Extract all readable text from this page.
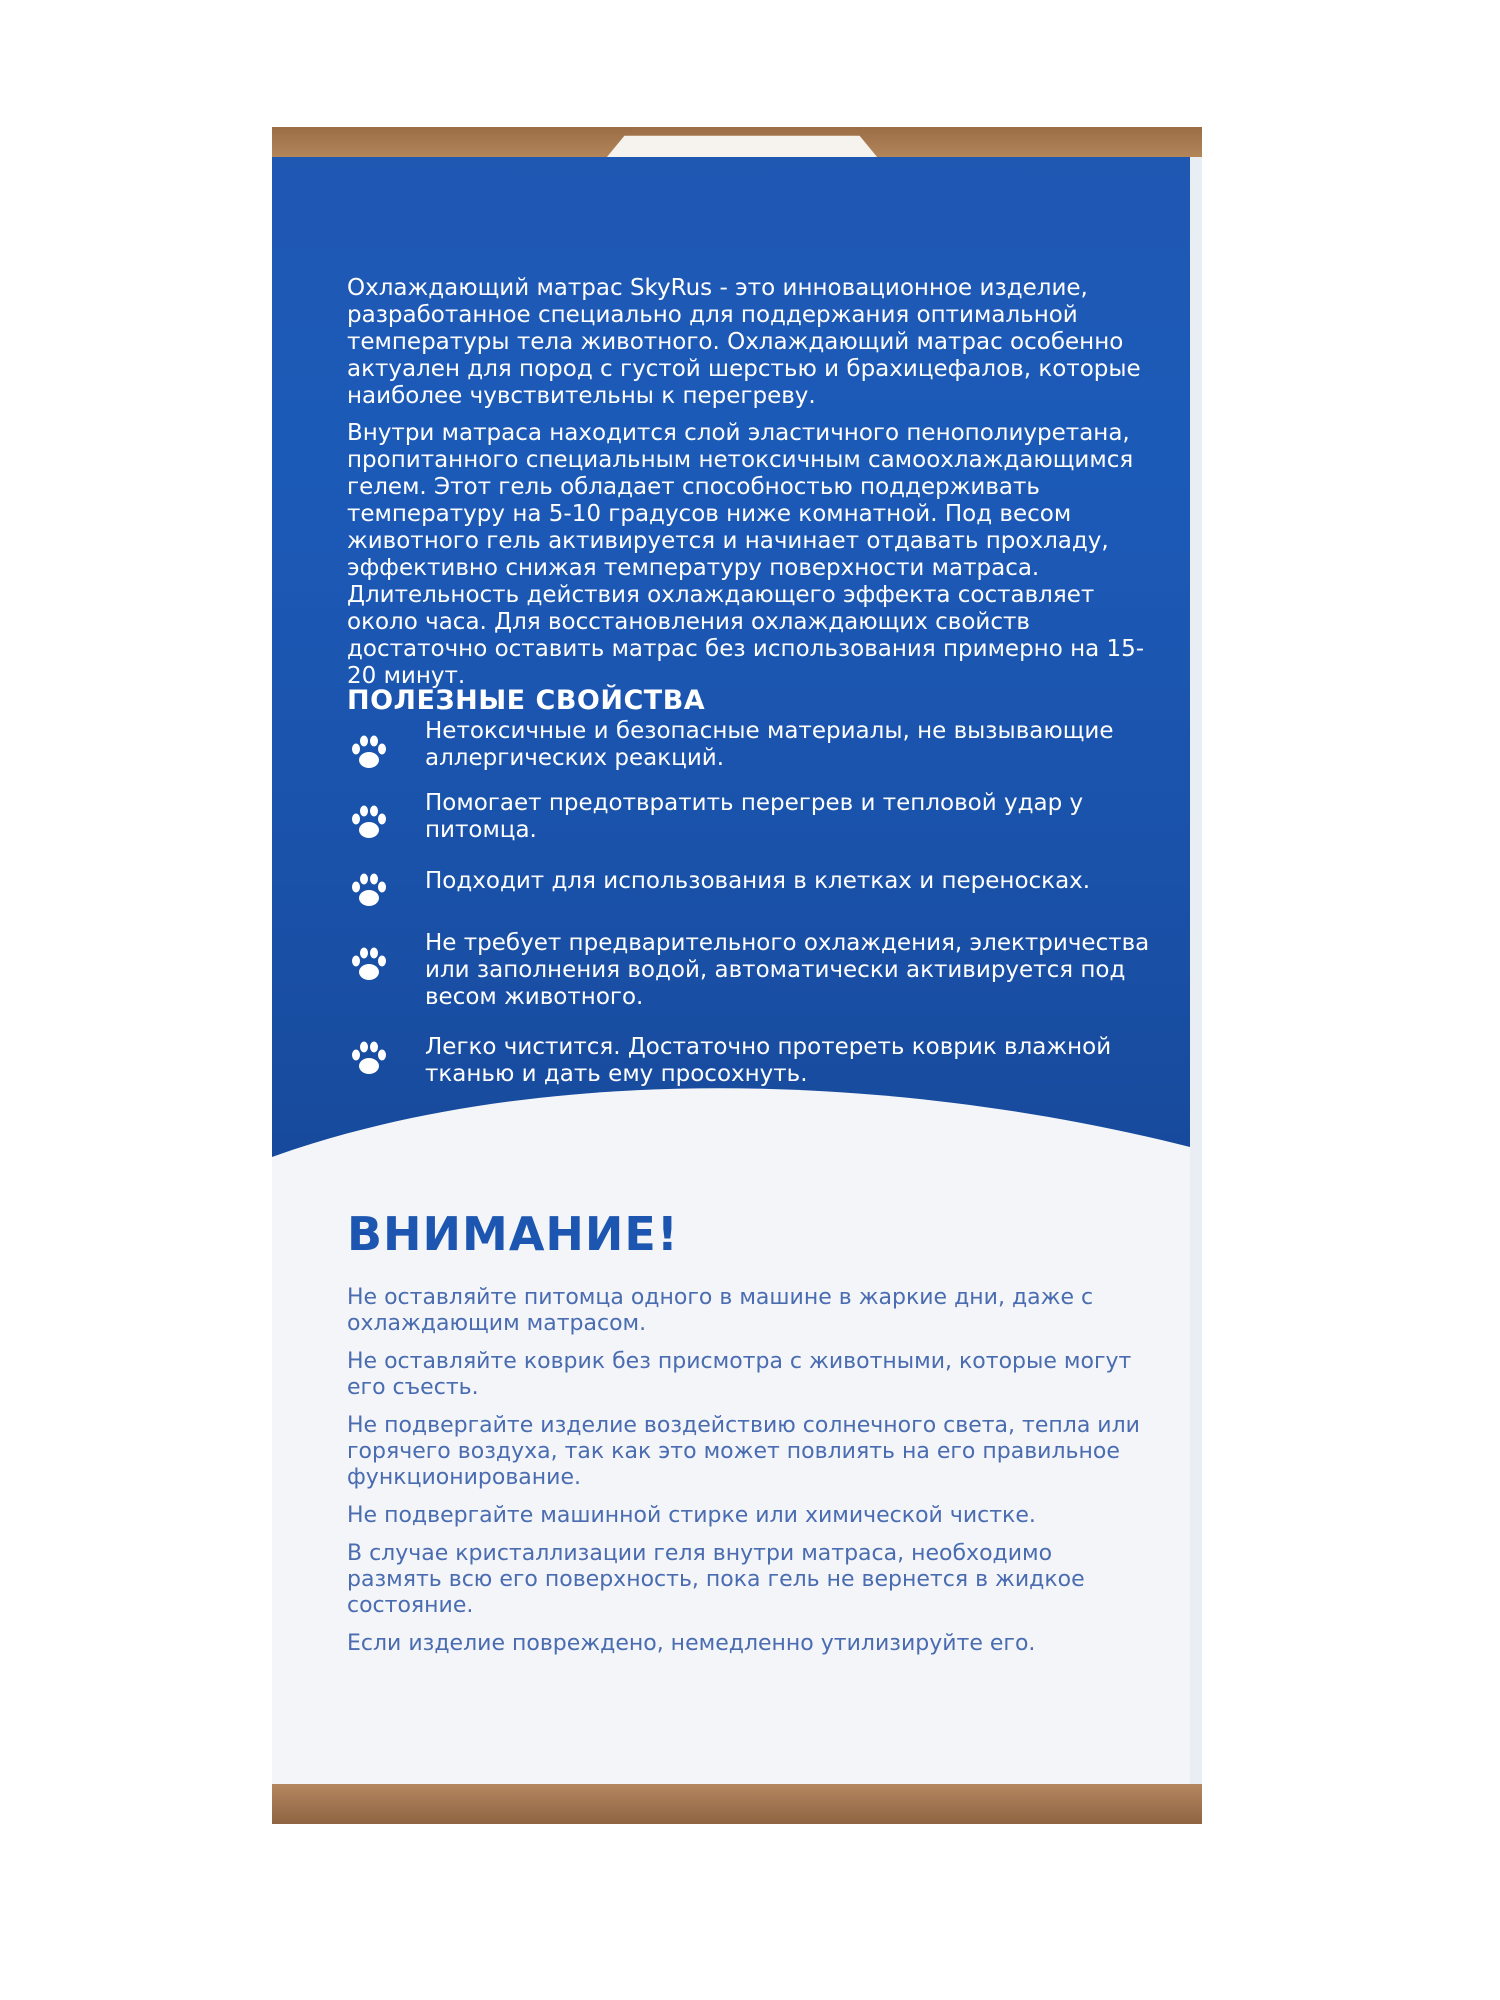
Охлаждающий матрас SkyRus - это инновационное изделие, разработанное специально для поддержания оптимальной температуры тела животного. Охлаждающий матрас особенно актуален для пород с густой шерстью и брахицефалов, которые наиболее чувствительны к перегреву.

Внутри матраса находится слой эластичного пенополиуретана, пропитанного специальным нетоксичным самоохлаждающимся гелем. Этот гель обладает способностью поддерживать температуру на 5-10 градусов ниже комнатной. Под весом животного гель активируется и начинает отдавать прохладу, эффективно снижая температуру поверхности матраса. Длительность действия охлаждающего эффекта составляет около часа. Для восстановления охлаждающих свойств достаточно оставить матрас без использования примерно на 15-20 минут.

ПОЛЕЗНЫЕ СВОЙСТВА
Нетоксичные и безопасные материалы, не вызывающие аллергических реакций.
Помогает предотвратить перегрев и тепловой удар у питомца.
Подходит для использования в клетках и переносках.
Не требует предварительного охлаждения, электричества или заполнения водой, автоматически активируется под весом животного.
Легко чистится. Достаточно протереть коврик влажной тканью и дать ему просохнуть.
ВНИМАНИЕ!

Не оставляйте питомца одного в машине в жаркие дни, даже с охлаждающим матрасом.

Не оставляйте коврик без присмотра с животными, которые могут его съесть.

Не подвергайте изделие воздействию солнечного света, тепла или горячего воздуха, так как это может повлиять на его правильное функционирование.

Не подвергайте машинной стирке или химической чистке.

В случае кристаллизации геля внутри матраса, необходимо размять всю его поверхность, пока гель не вернется в жидкое состояние.

Если изделие повреждено, немедленно утилизируйте его.
